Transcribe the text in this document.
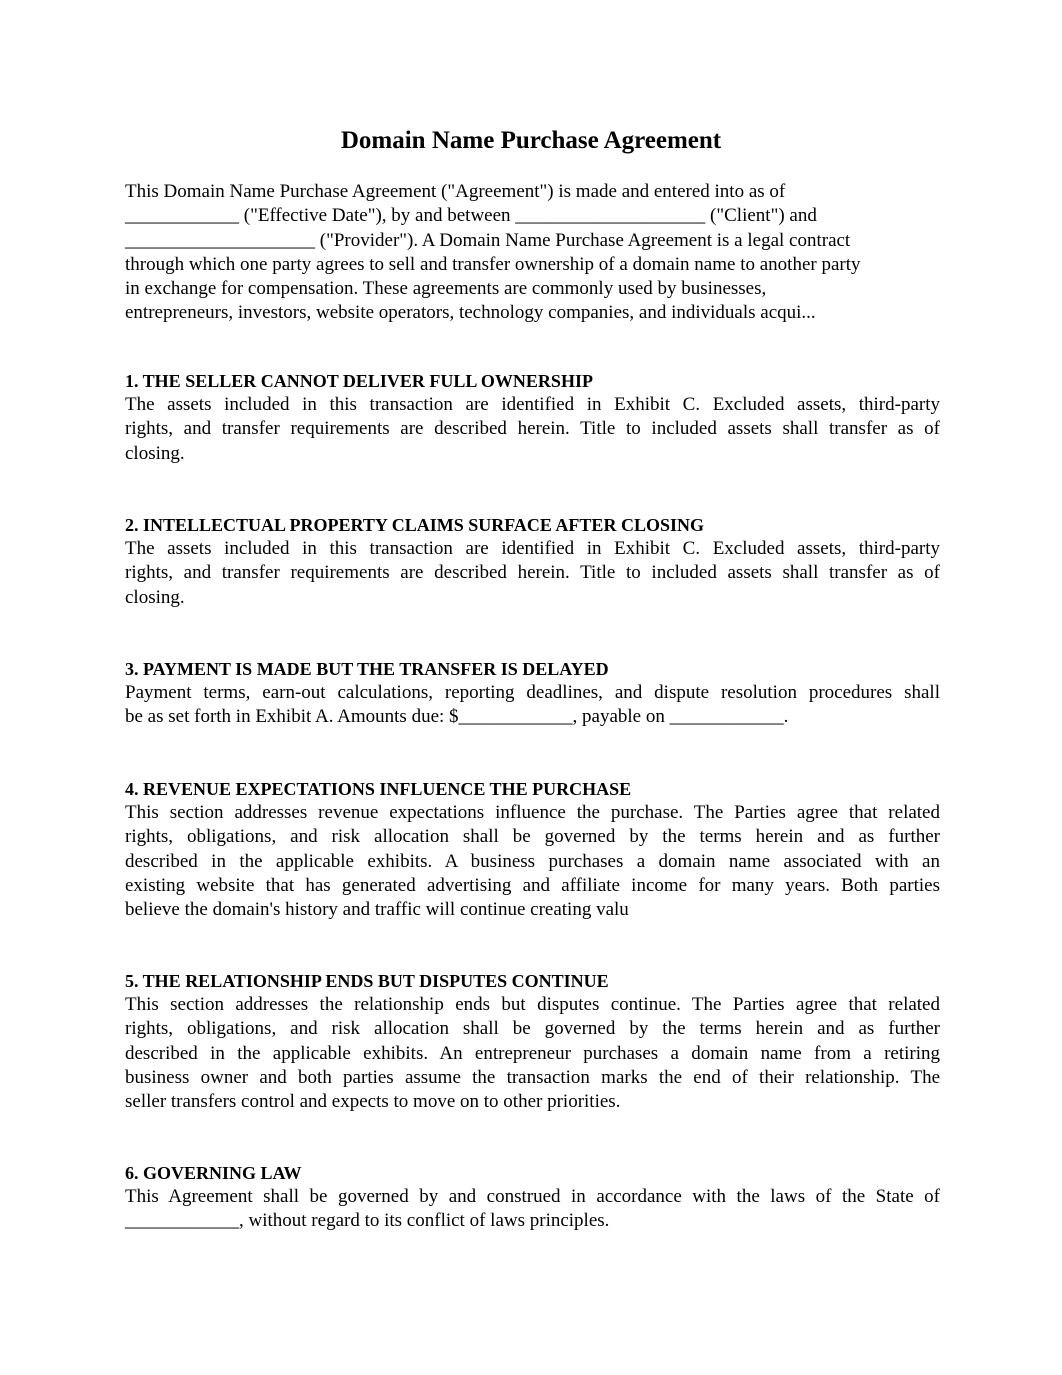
Domain Name Purchase Agreement
This Domain Name Purchase Agreement ("Agreement") is made and entered into as of
____________ ("Effective Date"), by and between ____________________ ("Client") and
____________________ ("Provider"). A Domain Name Purchase Agreement is a legal contract
through which one party agrees to sell and transfer ownership of a domain name to another party
in exchange for compensation. These agreements are commonly used by businesses,
entrepreneurs, investors, website operators, technology companies, and individuals acqui...
1. THE SELLER CANNOT DELIVER FULL OWNERSHIP

The assets included in this transaction are identified in Exhibit C. Excluded assets, third-party
rights, and transfer requirements are described herein. Title to included assets shall transfer as of
closing.

2. INTELLECTUAL PROPERTY CLAIMS SURFACE AFTER CLOSING

The assets included in this transaction are identified in Exhibit C. Excluded assets, third-party
rights, and transfer requirements are described herein. Title to included assets shall transfer as of
closing.

3. PAYMENT IS MADE BUT THE TRANSFER IS DELAYED

Payment terms, earn-out calculations, reporting deadlines, and dispute resolution procedures shall
be as set forth in Exhibit A. Amounts due: $____________, payable on ____________.

4. REVENUE EXPECTATIONS INFLUENCE THE PURCHASE

This section addresses revenue expectations influence the purchase. The Parties agree that related
rights, obligations, and risk allocation shall be governed by the terms herein and as further
described in the applicable exhibits. A business purchases a domain name associated with an
existing website that has generated advertising and affiliate income for many years. Both parties
believe the domain's history and traffic will continue creating valu

5. THE RELATIONSHIP ENDS BUT DISPUTES CONTINUE

This section addresses the relationship ends but disputes continue. The Parties agree that related
rights, obligations, and risk allocation shall be governed by the terms herein and as further
described in the applicable exhibits. An entrepreneur purchases a domain name from a retiring
business owner and both parties assume the transaction marks the end of their relationship. The
seller transfers control and expects to move on to other priorities.

6. GOVERNING LAW

This Agreement shall be governed by and construed in accordance with the laws of the State of
____________, without regard to its conflict of laws principles.
